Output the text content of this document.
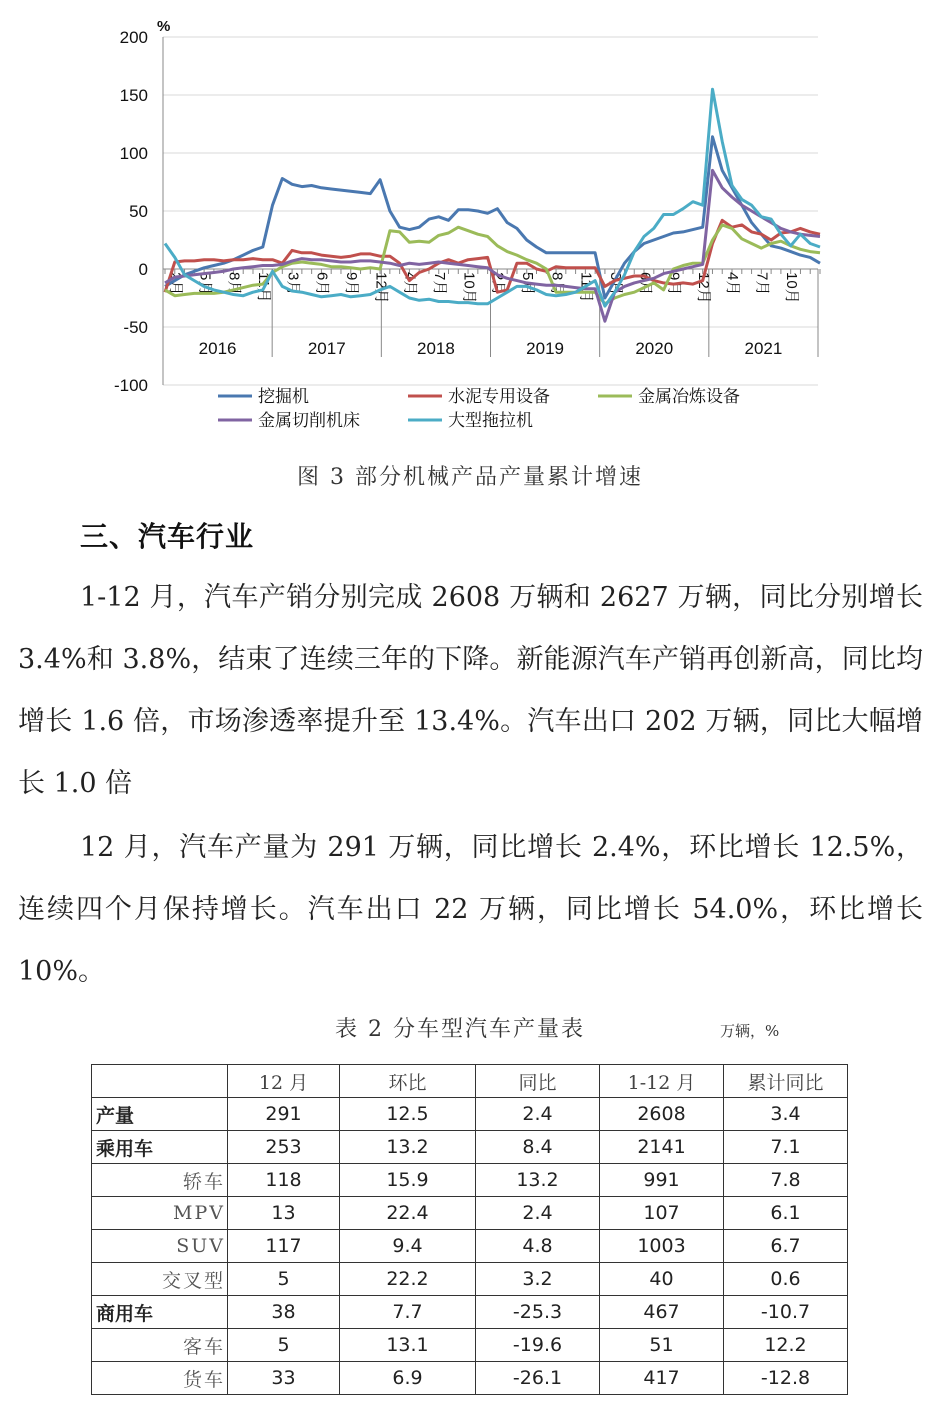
200
150
100
50
0
-50
-100
%
2016	2017	2018	2019	2020	2021
2月 5月 8月 11月 3月 6月 9月 12月 4月 7月 10月 2月 5月 8月 11月 3月 6月 9月 12月 4月 7月 10月
挖掘机	水泥专用设备	金属冶炼设备
金属切削机床	大型拖拉机
图 3 部分机械产品产量累计增速
三、汽车行业
1-12 月，汽车产销分别完成 2608 万辆和 2627 万辆，同比分别增长 3.4%和 3.8%，结束了连续三年的下降。新能源汽车产销再创新高，同比均增长 1.6 倍，市场渗透率提升至 13.4%。汽车出口 202 万辆，同比大幅增长 1.0 倍
12 月，汽车产量为 291 万辆，同比增长 2.4%，环比增长 12.5%，连续四个月保持增长。汽车出口 22 万辆，同比增长 54.0%，环比增长 10%。
表 2 分车型汽车产量表	万辆，%
	12 月	环比	同比	1-12 月	累计同比
产量	291	12.5	2.4	2608	3.4
乘用车	253	13.2	8.4	2141	7.1
轿车	118	15.9	13.2	991	7.8
MPV	13	22.4	2.4	107	6.1
SUV	117	9.4	4.8	1003	6.7
交叉型	5	22.2	3.2	40	0.6
商用车	38	7.7	-25.3	467	-10.7
客车	5	13.1	-19.6	51	12.2
货车	33	6.9	-26.1	417	-12.8
